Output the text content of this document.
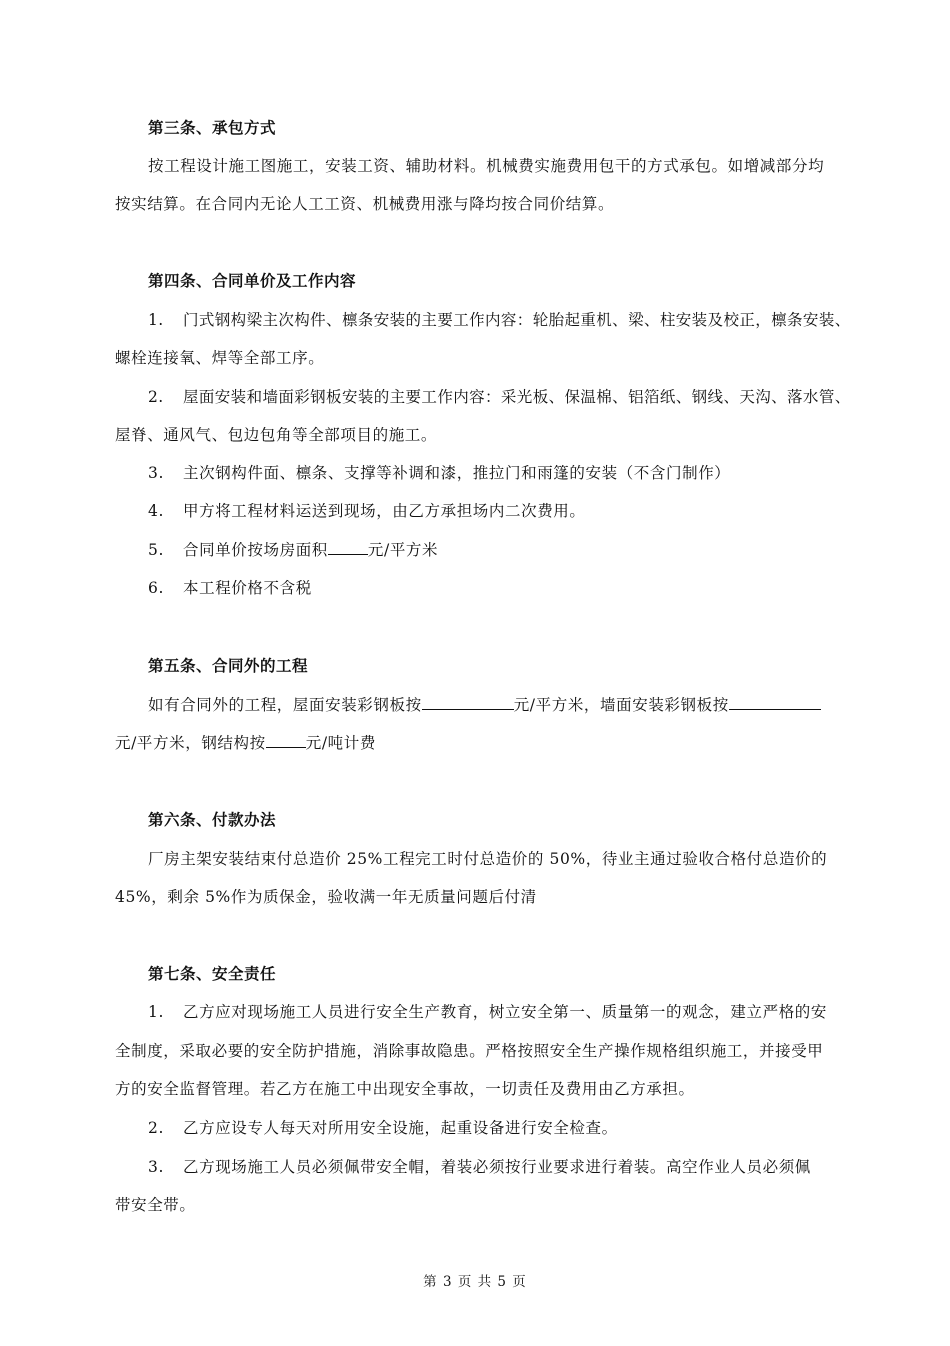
第三条、承包方式
按工程设计施工图施工，安装工资、辅助材料。机械费实施费用包干的方式承包。如增减部分均
按实结算。在合同内无论人工工资、机械费用涨与降均按合同价结算。
第四条、合同单价及工作内容
1. 门式钢构梁主次构件、檩条安装的主要工作内容：轮胎起重机、梁、柱安装及校正，檩条安装、
螺栓连接氧、焊等全部工序。
2. 屋面安装和墙面彩钢板安装的主要工作内容：采光板、保温棉、铝箔纸、钢线、天沟、落水管、
屋脊、通风气、包边包角等全部项目的施工。
3. 主次钢构件面、檩条、支撑等补调和漆，推拉门和雨篷的安装（不含门制作）
4. 甲方将工程材料运送到现场，由乙方承担场内二次费用。
5. 合同单价按场房面积	元/平方米
6. 本工程价格不含税
第五条、合同外的工程
如有合同外的工程，屋面安装彩钢板按	元/平方米，墙面安装彩钢板按
元/平方米，钢结构按	元/吨计费
第六条、付款办法
厂房主架安装结束付总造价 25%工程完工时付总造价的 50%，待业主通过验收合格付总造价的
45%，剩余 5%作为质保金，验收满一年无质量问题后付清
第七条、安全责任
1. 乙方应对现场施工人员进行安全生产教育，树立安全第一、质量第一的观念，建立严格的安
全制度，采取必要的安全防护措施，消除事故隐患。严格按照安全生产操作规格组织施工，并接受甲
方的安全监督管理。若乙方在施工中出现安全事故，一切责任及费用由乙方承担。
2. 乙方应设专人每天对所用安全设施，起重设备进行安全检查。
3. 乙方现场施工人员必须佩带安全帽，着装必须按行业要求进行着装。高空作业人员必须佩
带安全带。
第 3 页 共 5 页
